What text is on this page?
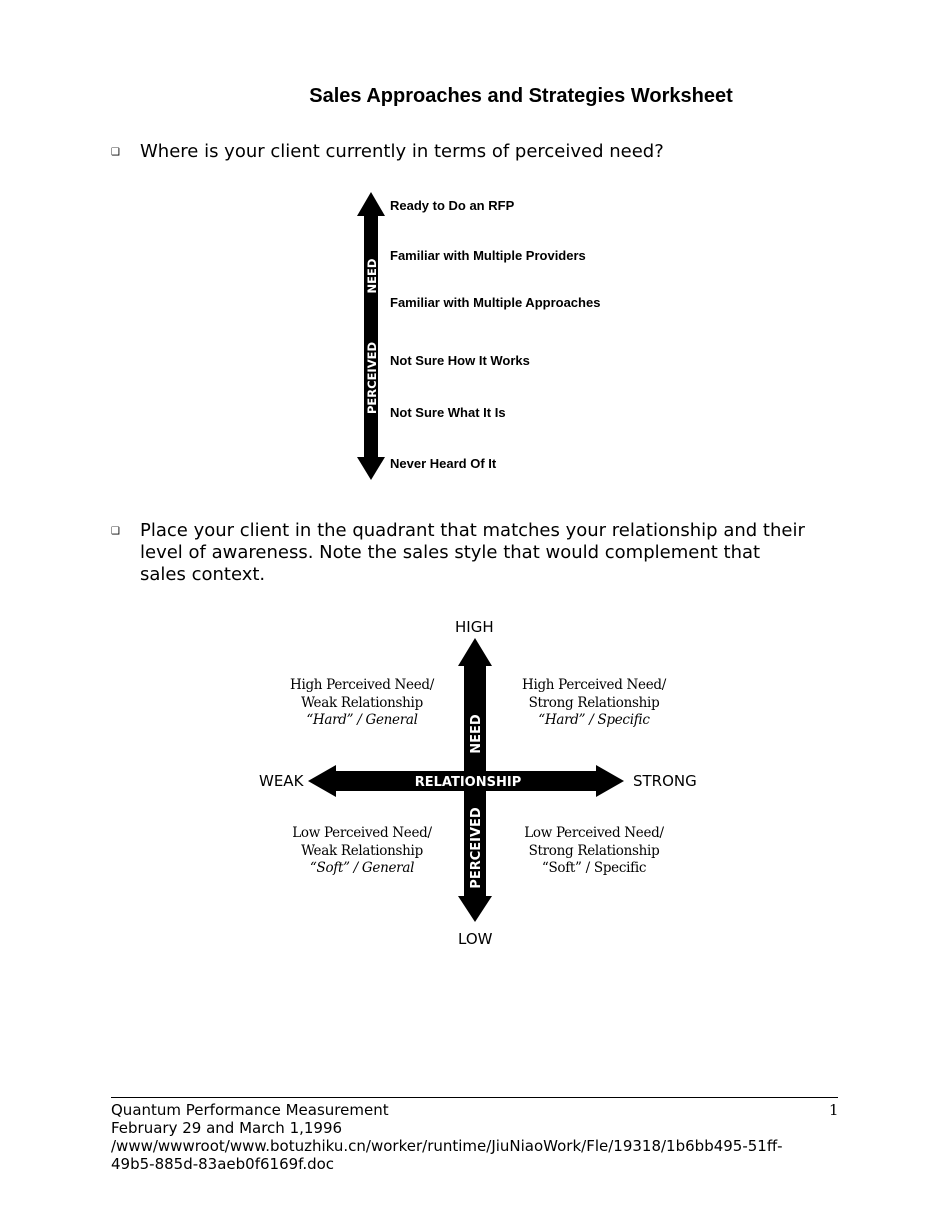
Sales Approaches and Strategies Worksheet
❑ Where is your client currently in terms of perceived need?
PERCEIVED
NEED
Ready to Do an RFP
Familiar with Multiple Providers
Familiar with Multiple Approaches
Not Sure How It Works
Not Sure What It Is
Never Heard Of It
❑ Place your client in the quadrant that matches your relationship and their
level of awareness. Note the sales style that would complement that
sales context.
HIGH
LOW
WEAK	STRONG
RELATIONSHIP
NEED
PERCEIVED
High Perceived Need/
Weak Relationship
“Hard” / General
High Perceived Need/
Strong Relationship
“Hard” / Specific
Low Perceived Need/
Weak Relationship
“Soft” / General
Low Perceived Need/
Strong Relationship
“Soft” / Specific
Quantum Performance Measurement
February 29 and March 1,1996
/www/wwwroot/www.botuzhiku.cn/worker/runtime/JiuNiaoWork/Fle/19318/1b6bb495-51ff-
49b5-885d-83aeb0f6169f.doc
1
